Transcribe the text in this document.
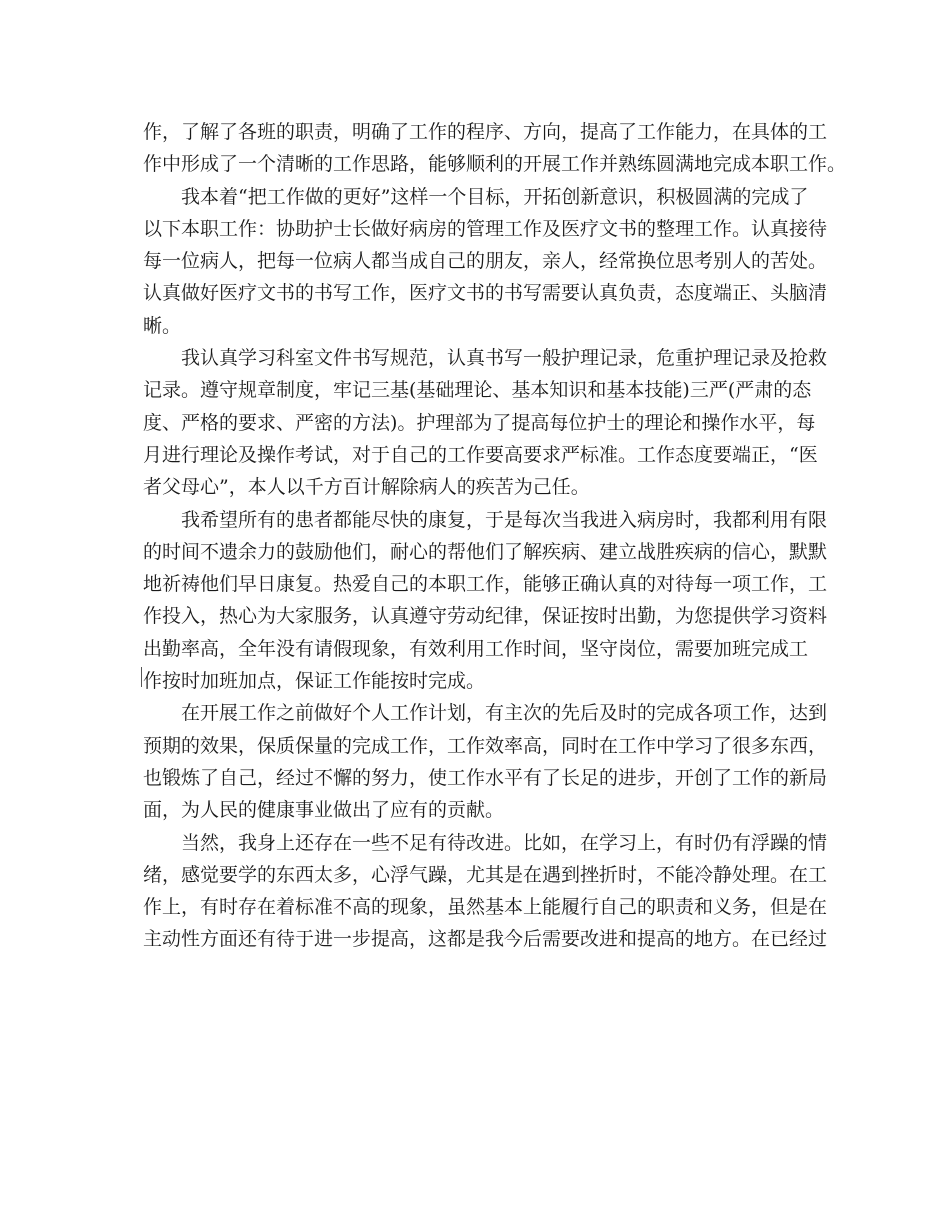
作，了解了各班的职责，明确了工作的程序、方向，提高了工作能力，在具体的工
作中形成了一个清晰的工作思路，能够顺利的开展工作并熟练圆满地完成本职工作。
我本着“把工作做的更好”这样一个目标，开拓创新意识，积极圆满的完成了
以下本职工作：协助护士长做好病房的管理工作及医疗文书的整理工作。认真接待
每一位病人，把每一位病人都当成自己的朋友，亲人，经常换位思考别人的苦处。
认真做好医疗文书的书写工作，医疗文书的书写需要认真负责，态度端正、头脑清
晰。
我认真学习科室文件书写规范，认真书写一般护理记录，危重护理记录及抢救
记录。遵守规章制度，牢记三基(基础理论、基本知识和基本技能)三严(严肃的态
度、严格的要求、严密的方法)。护理部为了提高每位护士的理论和操作水平，每
月进行理论及操作考试，对于自己的工作要高要求严标准。工作态度要端正，“医
者父母心”，本人以千方百计解除病人的疾苦为己任。
我希望所有的患者都能尽快的康复，于是每次当我进入病房时，我都利用有限
的时间不遗余力的鼓励他们，耐心的帮他们了解疾病、建立战胜疾病的信心，默默
地祈祷他们早日康复。热爱自己的本职工作，能够正确认真的对待每一项工作，工
作投入，热心为大家服务，认真遵守劳动纪律，保证按时出勤，为您提供学习资料
出勤率高，全年没有请假现象，有效利用工作时间，坚守岗位，需要加班完成工
作按时加班加点，保证工作能按时完成。
在开展工作之前做好个人工作计划，有主次的先后及时的完成各项工作，达到
预期的效果，保质保量的完成工作，工作效率高，同时在工作中学习了很多东西，
也锻炼了自己，经过不懈的努力，使工作水平有了长足的进步，开创了工作的新局
面，为人民的健康事业做出了应有的贡献。
当然，我身上还存在一些不足有待改进。比如，在学习上，有时仍有浮躁的情
绪，感觉要学的东西太多，心浮气躁，尤其是在遇到挫折时，不能冷静处理。在工
作上，有时存在着标准不高的现象，虽然基本上能履行自己的职责和义务，但是在
主动性方面还有待于进一步提高，这都是我今后需要改进和提高的地方。在已经过
